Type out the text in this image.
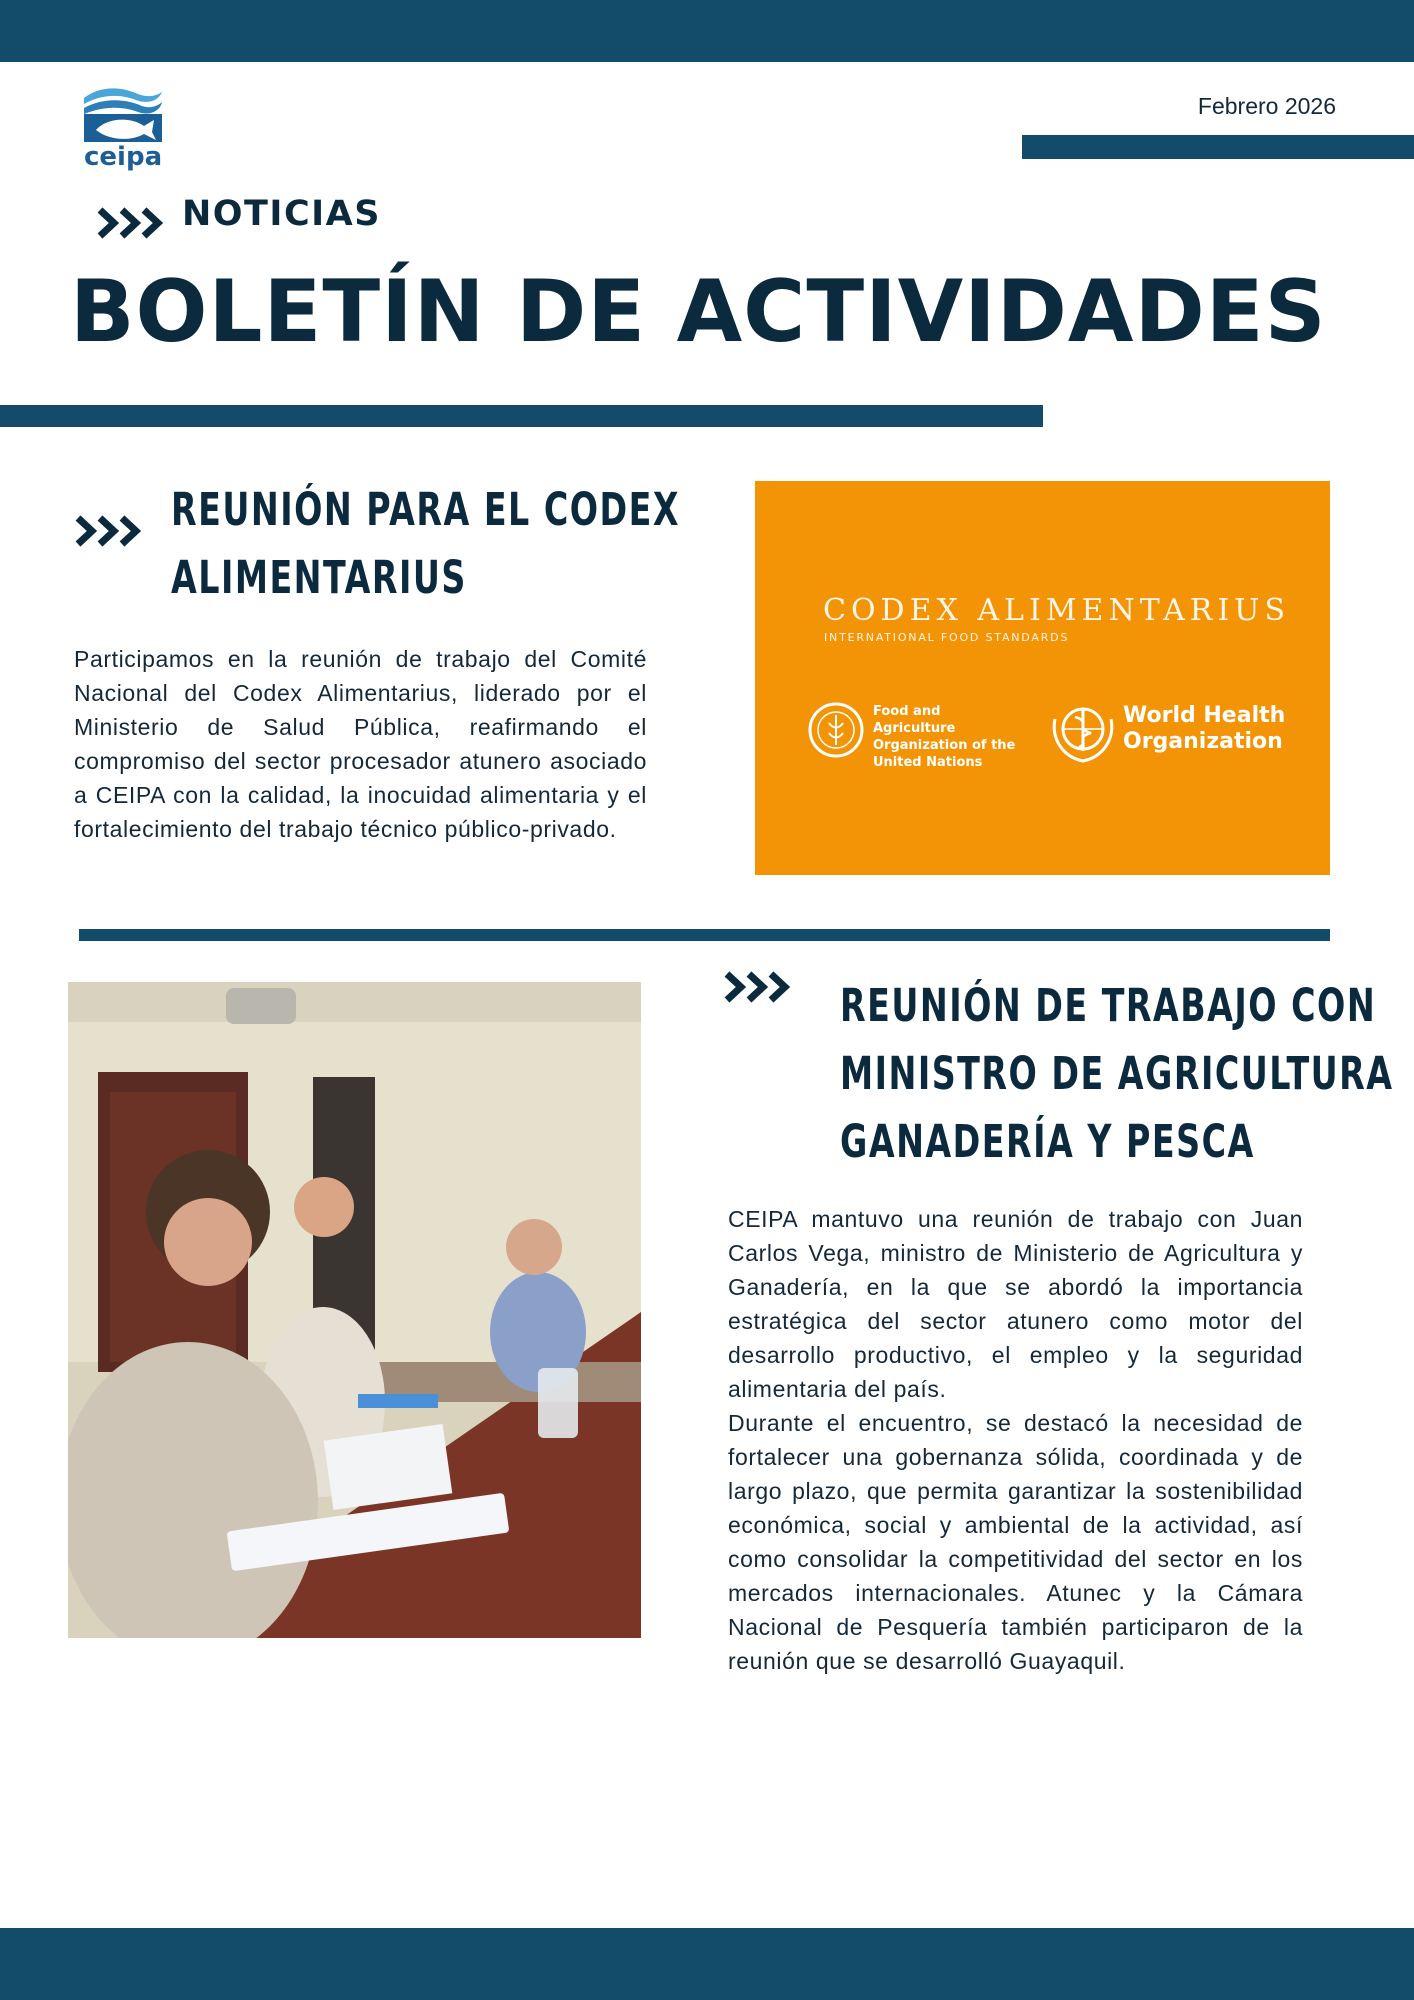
ceipa
Febrero 2026
NOTICIAS
BOLETÍN DE ACTIVIDADES
REUNIÓN PARA EL CODEX
ALIMENTARIUS

Participamos en la reunión de trabajo del Comité Nacional del Codex Alimentarius, liderado por el Ministerio de Salud Pública, reafirmando el compromiso del sector procesador atunero asociado a CEIPA con la calidad, la inocuidad alimentaria y el fortalecimiento del trabajo técnico público-privado.

CODEX ALIMENTARIUS
INTERNATIONAL FOOD STANDARDS
Food and Agriculture Organization of the United Nations
World Health
Organization
REUNIÓN DE TRABAJO CON
MINISTRO DE AGRICULTURA
GANADERÍA Y PESCA

CEIPA mantuvo una reunión de trabajo con Juan Carlos Vega, ministro de Ministerio de Agricultura y Ganadería, en la que se abordó la importancia estratégica del sector atunero como motor del desarrollo productivo, el empleo y la seguridad alimentaria del país.

Durante el encuentro, se destacó la necesidad de fortalecer una gobernanza sólida, coordinada y de largo plazo, que permita garantizar la sostenibilidad económica, social y ambiental de la actividad, así como consolidar la competitividad del sector en los mercados internacionales. Atunec y la Cámara Nacional de Pesquería también participaron de la reunión que se desarrolló Guayaquil.
